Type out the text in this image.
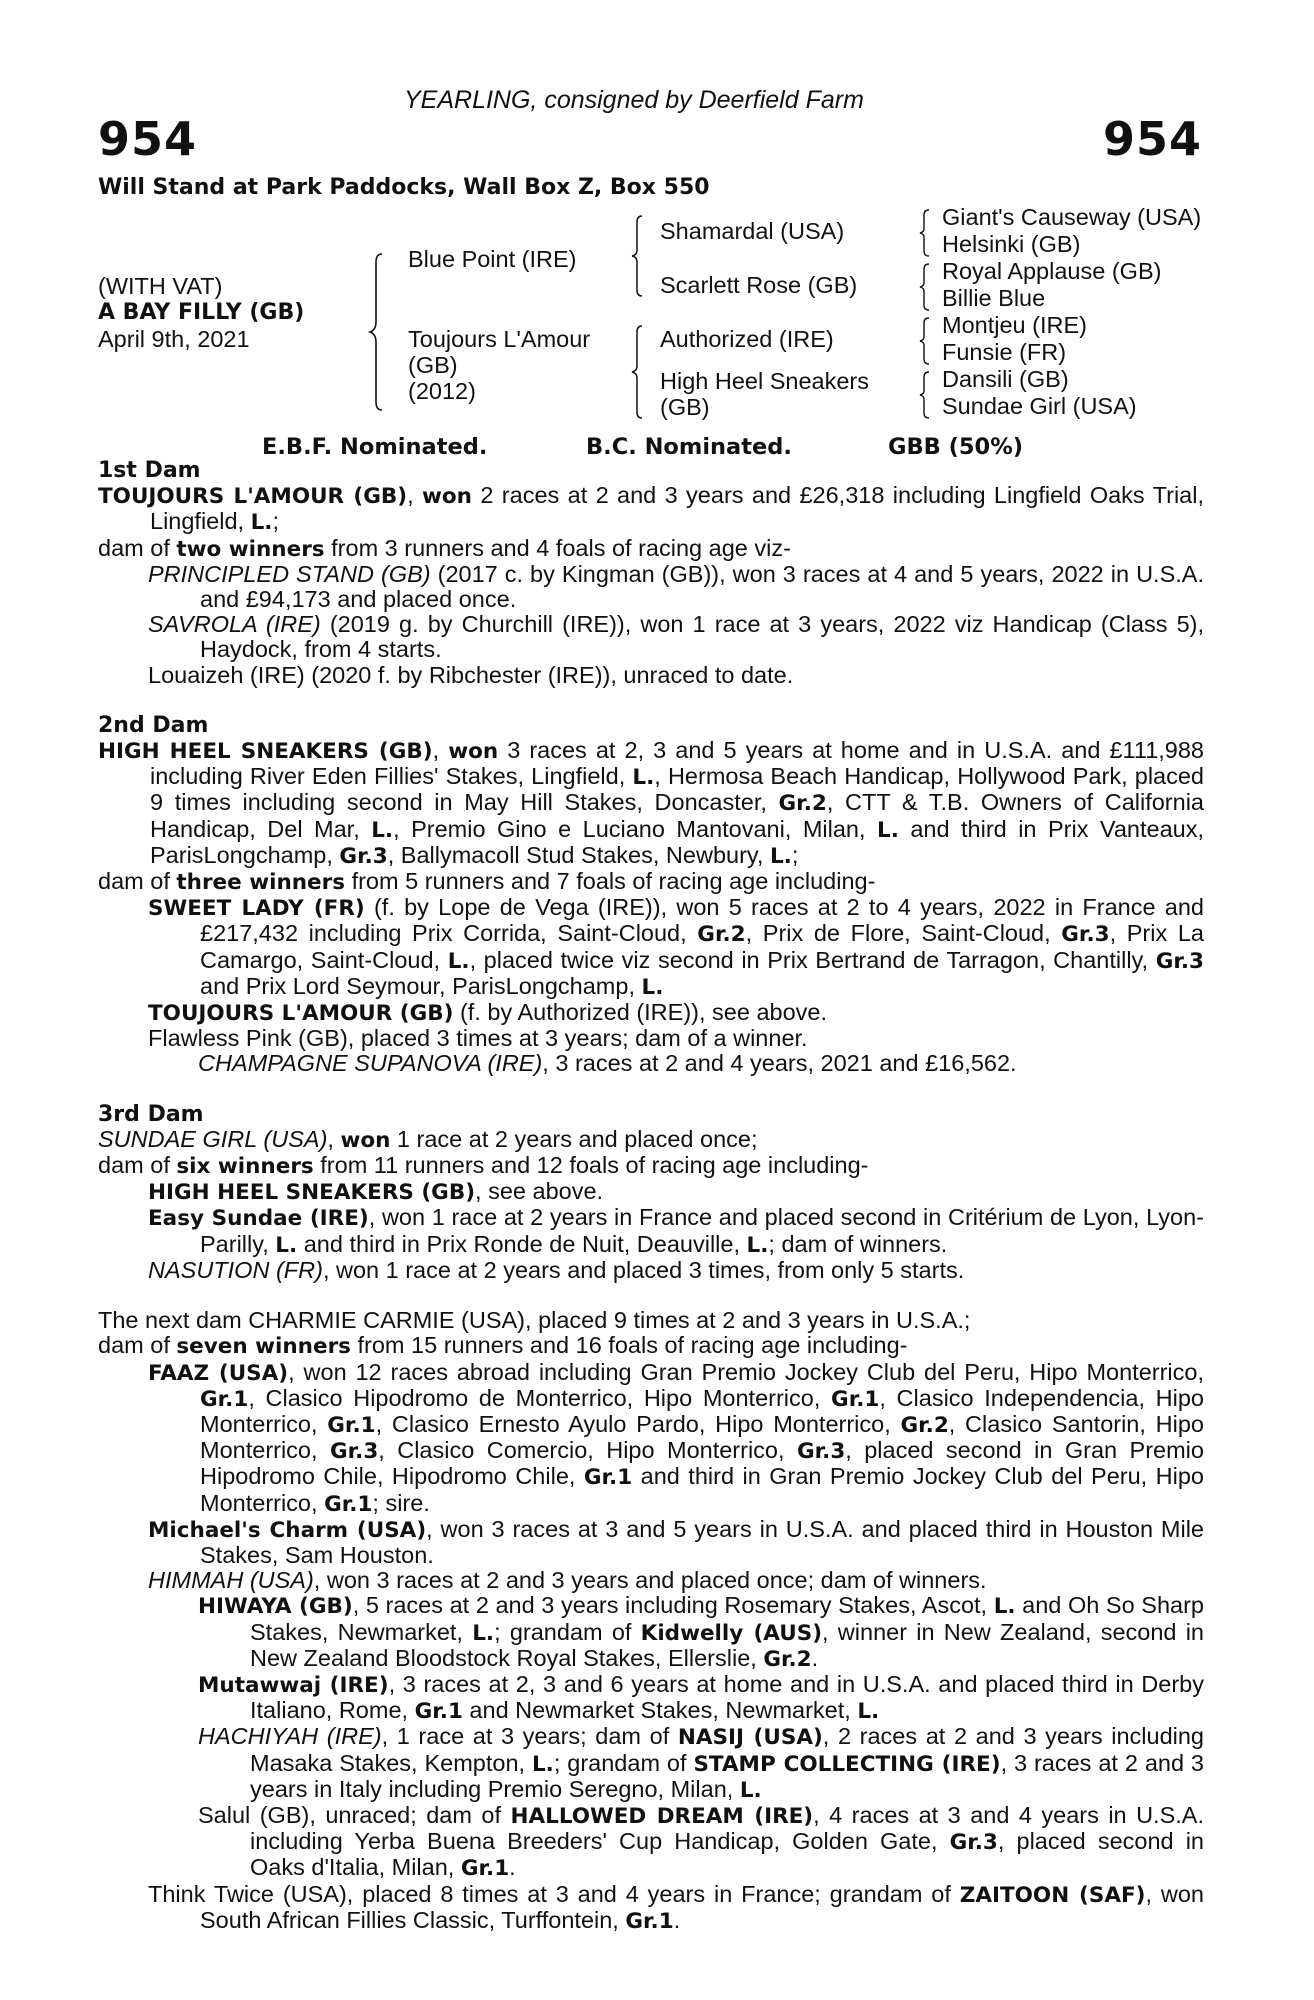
YEARLING, consigned by Deerfield Farm
954	954
Will Stand at Park Paddocks, Wall Box Z, Box 550
(WITH VAT)
A BAY FILLY (GB)
April 9th, 2021
Blue Point (IRE)
Toujours L'Amour
(GB)
(2012)
Shamardal (USA)
Scarlett Rose (GB)
Authorized (IRE)
High Heel Sneakers
(GB)
Giant's Causeway (USA)
Helsinki (GB)
Royal Applause (GB)
Billie Blue
Montjeu (IRE)
Funsie (FR)
Dansili (GB)
Sundae Girl (USA)
E.B.F. Nominated.	B.C. Nominated.	GBB (50%)

1st Dam

TOUJOURS L'AMOUR (GB), won 2 races at 2 and 3 years and £26,318 including Lingfield Oaks Trial, Lingfield, L.;

dam of two winners from 3 runners and 4 foals of racing age viz-

PRINCIPLED STAND (GB) (2017 c. by Kingman (GB)), won 3 races at 4 and 5 years, 2022 in U.S.A. and £94,173 and placed once.

SAVROLA (IRE) (2019 g. by Churchill (IRE)), won 1 race at 3 years, 2022 viz Handicap (Class 5), Haydock, from 4 starts.

Louaizeh (IRE) (2020 f. by Ribchester (IRE)), unraced to date.

2nd Dam

HIGH HEEL SNEAKERS (GB), won 3 races at 2, 3 and 5 years at home and in U.S.A. and £111,988 including River Eden Fillies' Stakes, Lingfield, L., Hermosa Beach Handicap, Hollywood Park, placed 9 times including second in May Hill Stakes, Doncaster, Gr.2, CTT & T.B. Owners of California Handicap, Del Mar, L., Premio Gino e Luciano Mantovani, Milan, L. and third in Prix Vanteaux, ParisLongchamp, Gr.3, Ballymacoll Stud Stakes, Newbury, L.;

dam of three winners from 5 runners and 7 foals of racing age including-

SWEET LADY (FR) (f. by Lope de Vega (IRE)), won 5 races at 2 to 4 years, 2022 in France and £217,432 including Prix Corrida, Saint-Cloud, Gr.2, Prix de Flore, Saint-Cloud, Gr.3, Prix La Camargo, Saint-Cloud, L., placed twice viz second in Prix Bertrand de Tarragon, Chantilly, Gr.3 and Prix Lord Seymour, ParisLongchamp, L.

TOUJOURS L'AMOUR (GB) (f. by Authorized (IRE)), see above.

Flawless Pink (GB), placed 3 times at 3 years; dam of a winner.

CHAMPAGNE SUPANOVA (IRE), 3 races at 2 and 4 years, 2021 and £16,562.

3rd Dam

SUNDAE GIRL (USA), won 1 race at 2 years and placed once;

dam of six winners from 11 runners and 12 foals of racing age including-

HIGH HEEL SNEAKERS (GB), see above.

Easy Sundae (IRE), won 1 race at 2 years in France and placed second in Critérium de Lyon, Lyon-Parilly, L. and third in Prix Ronde de Nuit, Deauville, L.; dam of winners.

NASUTION (FR), won 1 race at 2 years and placed 3 times, from only 5 starts.

The next dam CHARMIE CARMIE (USA), placed 9 times at 2 and 3 years in U.S.A.;

dam of seven winners from 15 runners and 16 foals of racing age including-

FAAZ (USA), won 12 races abroad including Gran Premio Jockey Club del Peru, Hipo Monterrico, Gr.1, Clasico Hipodromo de Monterrico, Hipo Monterrico, Gr.1, Clasico Independencia, Hipo Monterrico, Gr.1, Clasico Ernesto Ayulo Pardo, Hipo Monterrico, Gr.2, Clasico Santorin, Hipo Monterrico, Gr.3, Clasico Comercio, Hipo Monterrico, Gr.3, placed second in Gran Premio Hipodromo Chile, Hipodromo Chile, Gr.1 and third in Gran Premio Jockey Club del Peru, Hipo Monterrico, Gr.1; sire.

Michael's Charm (USA), won 3 races at 3 and 5 years in U.S.A. and placed third in Houston Mile Stakes, Sam Houston.

HIMMAH (USA), won 3 races at 2 and 3 years and placed once; dam of winners.

HIWAYA (GB), 5 races at 2 and 3 years including Rosemary Stakes, Ascot, L. and Oh So Sharp Stakes, Newmarket, L.; grandam of Kidwelly (AUS), winner in New Zealand, second in New Zealand Bloodstock Royal Stakes, Ellerslie, Gr.2.

Mutawwaj (IRE), 3 races at 2, 3 and 6 years at home and in U.S.A. and placed third in Derby Italiano, Rome, Gr.1 and Newmarket Stakes, Newmarket, L.

HACHIYAH (IRE), 1 race at 3 years; dam of NASIJ (USA), 2 races at 2 and 3 years including Masaka Stakes, Kempton, L.; grandam of STAMP COLLECTING (IRE), 3 races at 2 and 3 years in Italy including Premio Seregno, Milan, L.

Salul (GB), unraced; dam of HALLOWED DREAM (IRE), 4 races at 3 and 4 years in U.S.A. including Yerba Buena Breeders' Cup Handicap, Golden Gate, Gr.3, placed second in Oaks d'Italia, Milan, Gr.1.

Think Twice (USA), placed 8 times at 3 and 4 years in France; grandam of ZAITOON (SAF), won South African Fillies Classic, Turffontein, Gr.1.
